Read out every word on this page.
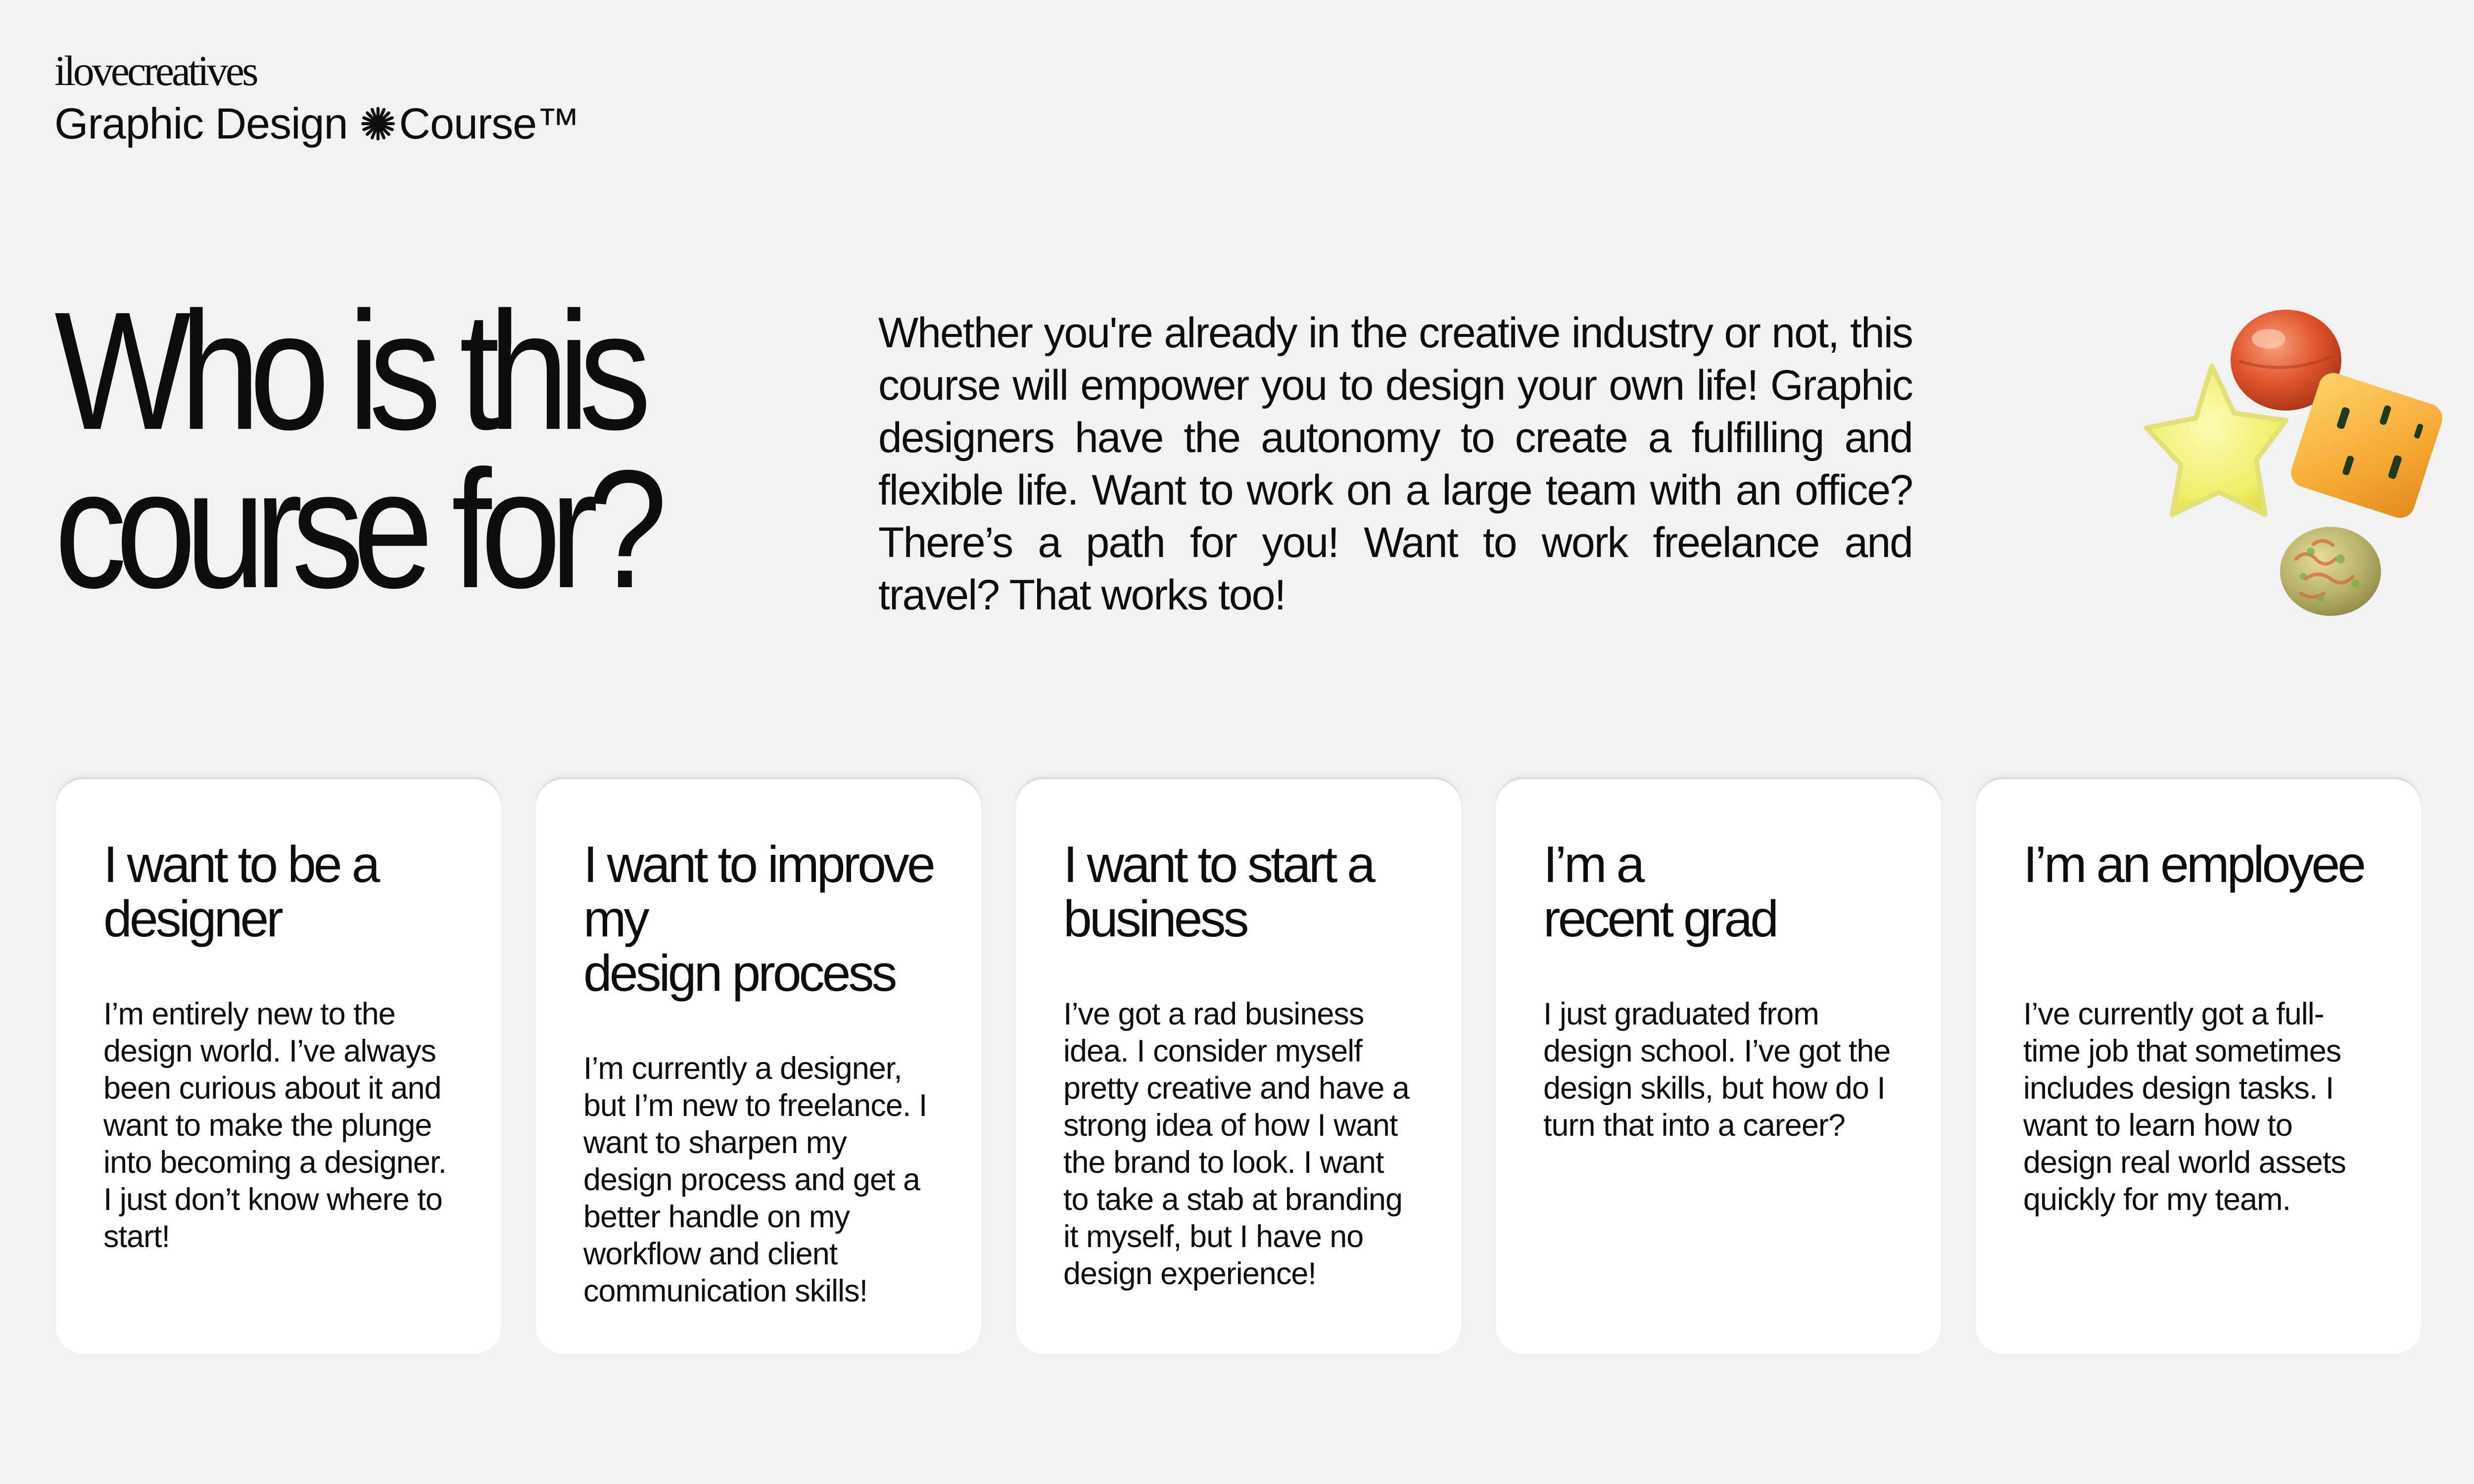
ilovecreatives
Graphic Design Course™
Who is this
course for?

Whether you're already in the creative industry or not, this course will empower you to design your own life! Graphic designers have the autonomy to create a fulfilling and flexible life. Want to work on a large team with an office? There’s a path for you! Want to work freelance and travel? That works too!

I want to be a
designer

I’m entirely new to the design world. I’ve always been curious about it and want to make the plunge into becoming a designer. I just don’t know where to start!

I want to improve my
design process

I’m currently a designer, but I’m new to freelance. I want to sharpen my design process and get a better handle on my workflow and client communication skills!

I want to start a
business

I’ve got a rad business idea. I consider myself pretty creative and have a strong idea of how I want the brand to look. I want to take a stab at branding it myself, but I have no design experience!

I’m a
recent grad

I just graduated from design school. I’ve got the design skills, but how do I turn that into a career?

I’m an employee

I’ve currently got a full-time job that sometimes includes design tasks. I want to learn how to design real world assets quickly for my team.
